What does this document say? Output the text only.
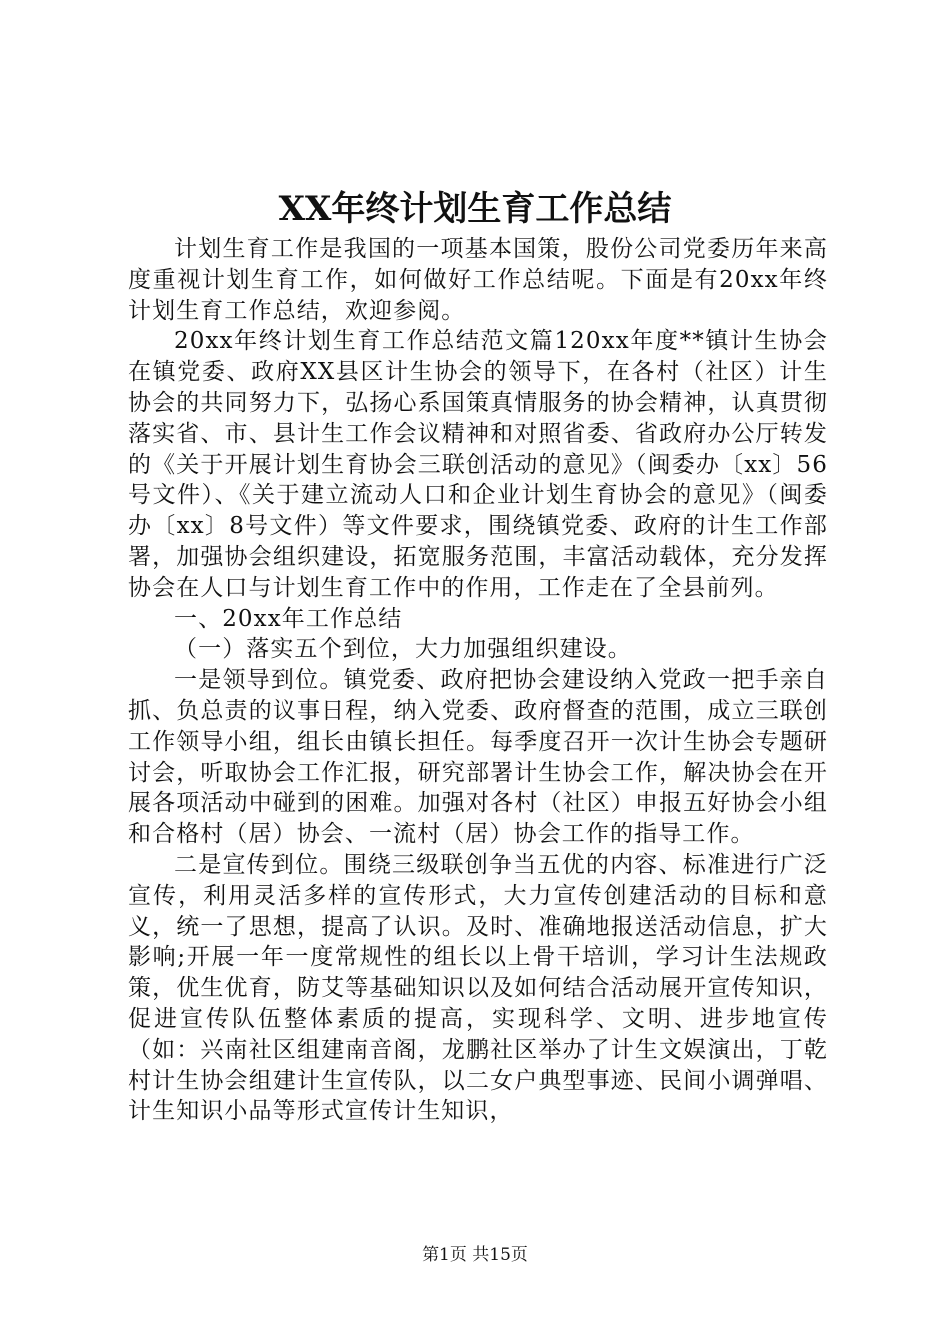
XX年终计划生育工作总结

计划生育工作是我国的一项基本国策，股份公司党委历年来高度重视计划生育工作，如何做好工作总结呢。下面是有20xx年终计划生育工作总结，欢迎参阅。

20xx年终计划生育工作总结范文篇120xx年度**镇计生协会在镇党委、政府XX县区计生协会的领导下，在各村（社区）计生协会的共同努力下，弘扬心系国策真情服务的协会精神，认真贯彻落实省、市、县计生工作会议精神和对照省委、省政府办公厅转发的《关于开展计划生育协会三联创活动的意见》（闽委办〔xx〕56号文件）、《关于建立流动人口和企业计划生育协会的意见》（闽委办〔xx〕8号文件）等文件要求，围绕镇党委、政府的计生工作部署，加强协会组织建设，拓宽服务范围，丰富活动载体，充分发挥协会在人口与计划生育工作中的作用，工作走在了全县前列。

一、20xx年工作总结

（一）落实五个到位，大力加强组织建设。

一是领导到位。镇党委、政府把协会建设纳入党政一把手亲自抓、负总责的议事日程，纳入党委、政府督查的范围，成立三联创工作领导小组，组长由镇长担任。每季度召开一次计生协会专题研讨会，听取协会工作汇报，研究部署计生协会工作，解决协会在开展各项活动中碰到的困难。加强对各村（社区）申报五好协会小组和合格村（居）协会、一流村（居）协会工作的指导工作。

二是宣传到位。围绕三级联创争当五优的内容、标准进行广泛宣传，利用灵活多样的宣传形式，大力宣传创建活动的目标和意义，统一了思想，提高了认识。及时、准确地报送活动信息，扩大影响;开展一年一度常规性的组长以上骨干培训，学习计生法规政策，优生优育，防艾等基础知识以及如何结合活动展开宣传知识，促进宣传队伍整体素质的提高，实现科学、文明、进步地宣传（如：兴南社区组建南音阁，龙鹏社区举办了计生文娱演出，丁乾村计生协会组建计生宣传队，以二女户典型事迹、民间小调弹唱、计生知识小品等形式宣传计生知识，

第1页 共15页
